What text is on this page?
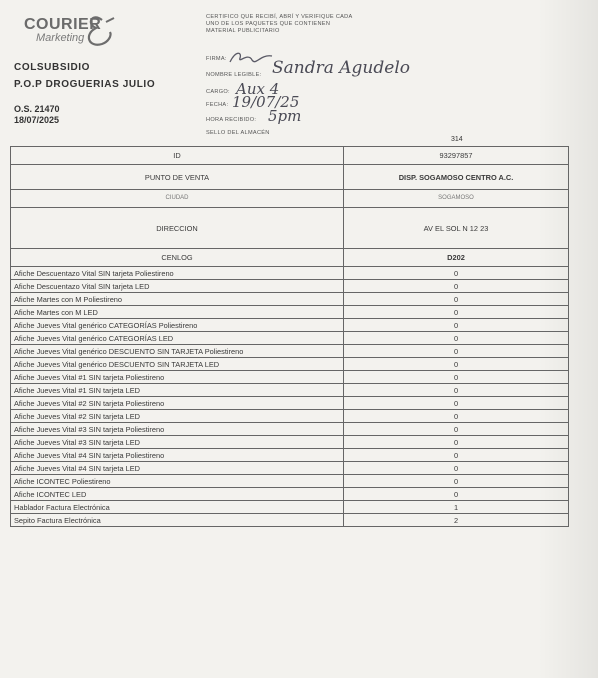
COURIER
Marketing
COLSUBSIDIO
P.O.P DROGUERIAS JULIO
O.S. 21470
18/07/2025
CERTIFICO QUE RECIBÍ, ABRÍ Y VERIFIQUE CADA UNO DE LOS PAQUETES QUE CONTIENEN MATERIAL PUBLICITARIO
FIRMA:
NOMBRE LEGIBLE: Sandra Agudelo
CARGO: Aux 4
FECHA: 19/07/25
HORA RECIBIDO: 5pm
SELLO DEL ALMACÉN
314
ID	93297857
PUNTO DE VENTA	DISP. SOGAMOSO CENTRO A.C.
CIUDAD	SOGAMOSO
DIRECCION	AV EL SOL N 12 23
CENLOG	D202
Afiche Descuentazo Vital SIN tarjeta Poliestireno	0
Afiche Descuentazo Vital SIN tarjeta LED	0
Afiche Martes con M Poliestireno	0
Afiche Martes con M LED	0
Afiche Jueves Vital genérico CATEGORÍAS Poliestireno	0
Afiche Jueves Vital genérico CATEGORÍAS LED	0
Afiche Jueves Vital genérico DESCUENTO SIN TARJETA Poliestireno	0
Afiche Jueves Vital genérico DESCUENTO SIN TARJETA LED	0
Afiche Jueves Vital #1 SIN tarjeta Poliestireno	0
Afiche Jueves Vital #1 SIN tarjeta LED	0
Afiche Jueves Vital #2 SIN tarjeta Poliestireno	0
Afiche Jueves Vital #2 SIN tarjeta LED	0
Afiche Jueves Vital #3 SIN tarjeta Poliestireno	0
Afiche Jueves Vital #3 SIN tarjeta LED	0
Afiche Jueves Vital #4 SIN tarjeta Poliestireno	0
Afiche Jueves Vital #4 SIN tarjeta LED	0
Afiche ICONTEC Poliestireno	0
Afiche ICONTEC LED	0
Hablador Factura Electrónica	1
Sepito Factura Electrónica	2
